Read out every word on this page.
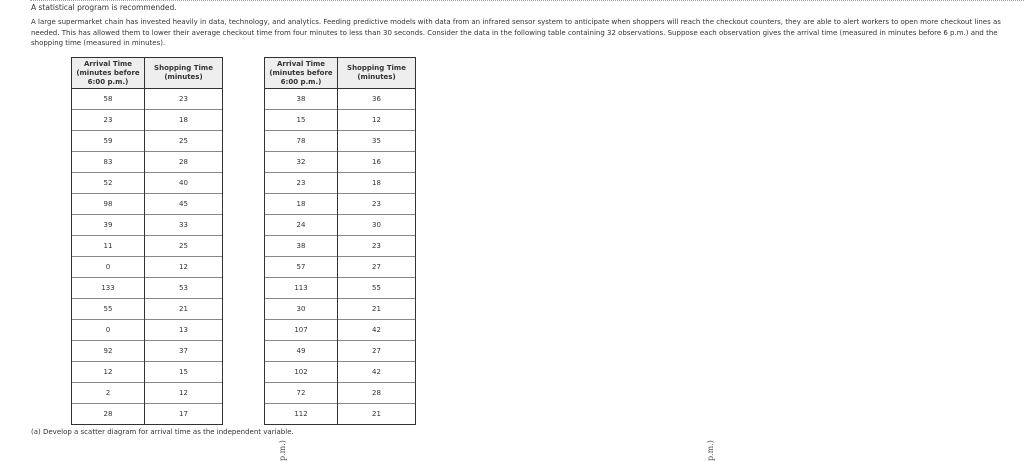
A statistical program is recommended.

A large supermarket chain has invested heavily in data, technology, and analytics. Feeding predictive models with data from an infrared sensor system to anticipate when shoppers will reach the checkout counters, they are able to alert workers to open more checkout lines as needed. This has allowed them to lower their average checkout time from four minutes to less than 30 seconds. Consider the data in the following table containing 32 observations. Suppose each observation gives the arrival time (measured in minutes before 6 p.m.) and the shopping time (measured in minutes).

Arrival Time
(minutes before
6:00 p.m.)	Shopping Time
(minutes)
58	23
23	18
59	25
83	28
52	40
98	45
39	33
11	25
0	12
133	53
55	21
0	13
92	37
12	15
2	12
28	17
Arrival Time
(minutes before
6:00 p.m.)	Shopping Time
(minutes)
38	36
15	12
78	35
32	16
23	18
18	23
24	30
38	23
57	27
113	55
30	21
107	42
49	27
102	42
72	28
112	21
(a) Develop a scatter diagram for arrival time as the independent variable.
p.m.)	p.m.)
